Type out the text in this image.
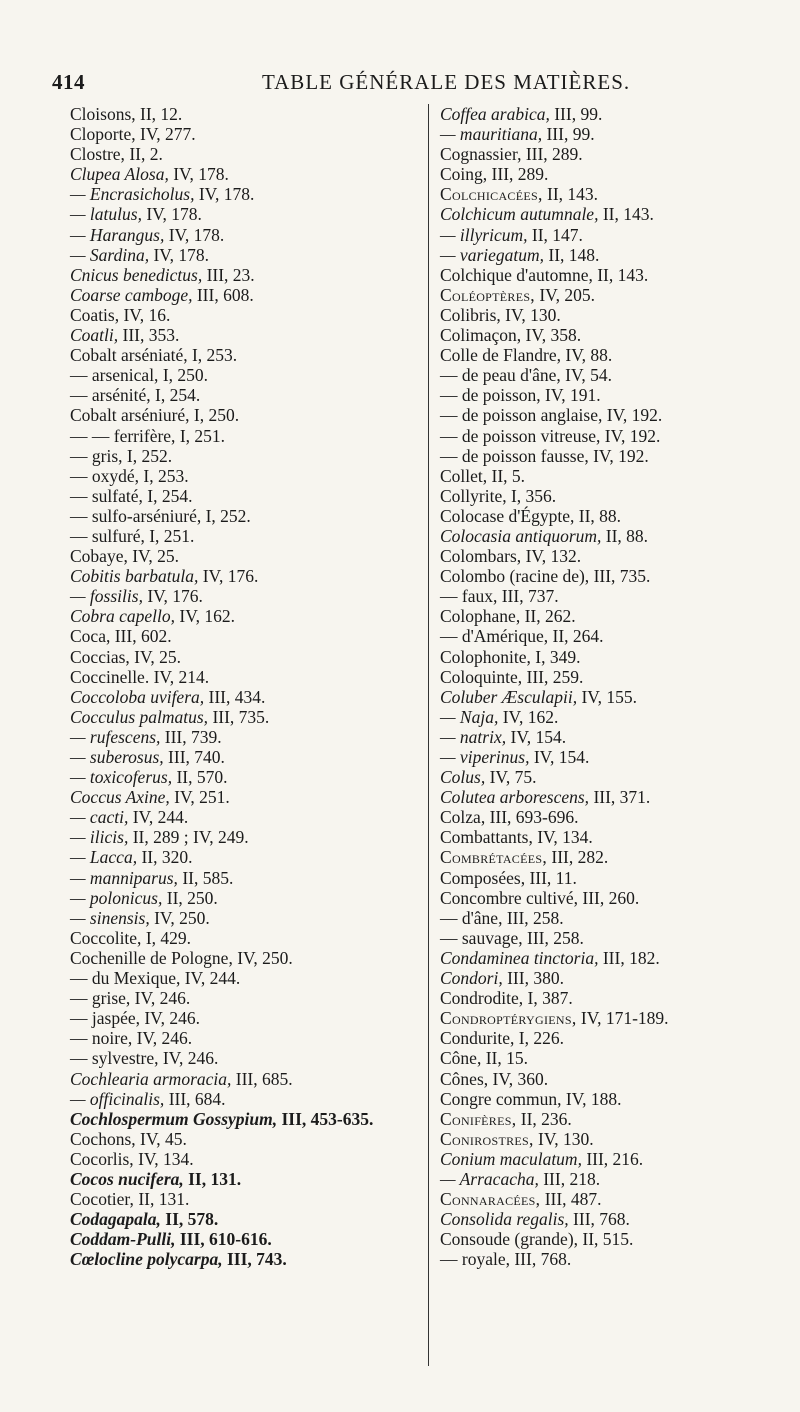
414	TABLE GÉNÉRALE DES MATIÈRES.
Cloisons, II, 12.
Cloporte, IV, 277.
Clostre, II, 2.
Clupea Alosa, IV, 178.
— Encrasicholus, IV, 178.
— latulus, IV, 178.
— Harangus, IV, 178.
— Sardina, IV, 178.
Cnicus benedictus, III, 23.
Coarse camboge, III, 608.
Coatis, IV, 16.
Coatli, III, 353.
Cobalt arséniaté, I, 253.
— arsenical, I, 250.
— arsénité, I, 254.
Cobalt arséniuré, I, 250.
— — ferrifère, I, 251.
— gris, I, 252.
— oxydé, I, 253.
— sulfaté, I, 254.
— sulfo-arséniuré, I, 252.
— sulfuré, I, 251.
Cobaye, IV, 25.
Cobitis barbatula, IV, 176.
— fossilis, IV, 176.
Cobra capello, IV, 162.
Coca, III, 602.
Coccias, IV, 25.
Coccinelle. IV, 214.
Coccoloba uvifera, III, 434.
Cocculus palmatus, III, 735.
— rufescens, III, 739.
— suberosus, III, 740.
— toxicoferus, II, 570.
Coccus Axine, IV, 251.
— cacti, IV, 244.
— ilicis, II, 289 ; IV, 249.
— Lacca, II, 320.
— manniparus, II, 585.
— polonicus, II, 250.
— sinensis, IV, 250.
Coccolite, I, 429.
Cochenille de Pologne, IV, 250.
— du Mexique, IV, 244.
— grise, IV, 246.
— jaspée, IV, 246.
— noire, IV, 246.
— sylvestre, IV, 246.
Cochlearia armoracia, III, 685.
— officinalis, III, 684.
Cochlospermum Gossypium, III, 453-635.
Cochons, IV, 45.
Cocorlis, IV, 134.
Cocos nucifera, II, 131.
Cocotier, II, 131.
Codagapala, II, 578.
Coddam-Pulli, III, 610-616.
Cœlocline polycarpa, III, 743.
Coffea arabica, III, 99.
— mauritiana, III, 99.
Cognassier, III, 289.
Coing, III, 289.
Colchicacées, II, 143.
Colchicum autumnale, II, 143.
— illyricum, II, 147.
— variegatum, II, 148.
Colchique d'automne, II, 143.
Coléoptères, IV, 205.
Colibris, IV, 130.
Colimaçon, IV, 358.
Colle de Flandre, IV, 88.
— de peau d'âne, IV, 54.
— de poisson, IV, 191.
— de poisson anglaise, IV, 192.
— de poisson vitreuse, IV, 192.
— de poisson fausse, IV, 192.
Collet, II, 5.
Collyrite, I, 356.
Colocase d'Égypte, II, 88.
Colocasia antiquorum, II, 88.
Colombars, IV, 132.
Colombo (racine de), III, 735.
— faux, III, 737.
Colophane, II, 262.
— d'Amérique, II, 264.
Colophonite, I, 349.
Coloquinte, III, 259.
Coluber Æsculapii, IV, 155.
— Naja, IV, 162.
— natrix, IV, 154.
— viperinus, IV, 154.
Colus, IV, 75.
Colutea arborescens, III, 371.
Colza, III, 693-696.
Combattants, IV, 134.
Combrétacées, III, 282.
Composées, III, 11.
Concombre cultivé, III, 260.
— d'âne, III, 258.
— sauvage, III, 258.
Condaminea tinctoria, III, 182.
Condori, III, 380.
Condrodite, I, 387.
Condroptérygiens, IV, 171-189.
Condurite, I, 226.
Cône, II, 15.
Cônes, IV, 360.
Congre commun, IV, 188.
Conifères, II, 236.
Conirostres, IV, 130.
Conium maculatum, III, 216.
— Arracacha, III, 218.
Connaracées, III, 487.
Consolida regalis, III, 768.
Consoude (grande), II, 515.
— royale, III, 768.
